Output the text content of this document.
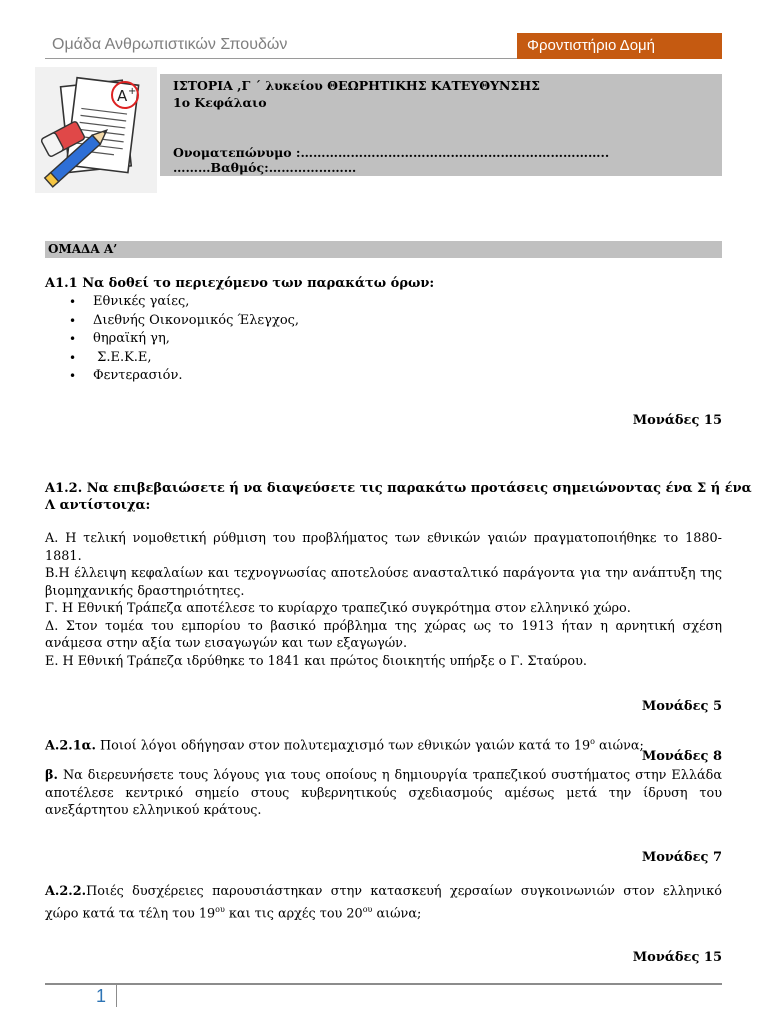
Ομάδα Ανθρωπιστικών Σπουδών	Φροντιστήριο Δομή
A +	ΙΣΤΟΡΙΑ ,Γ ΄ λυκείου ΘΕΩΡΗΤΙΚΗΣ ΚΑΤΕΥΘΥΝΣΗΣ
1ο Κεφάλαιο
Ονοματεπώνυμο :………………………………………………………………..
………Βαθμός:…………………
ΟΜΑΔΑ Α’
Α1.1 Να δοθεί το περιεχόμενο των παρακάτω όρων:
• Εθνικές γαίες,
• Διεθνής Οικονομικός Έλεγχος,
• θηραϊκή γη,
•  Σ.Ε.Κ.Ε,
• Φεντερασιόν.
Μονάδες 15
Α1.2. Να επιβεβαιώσετε ή να διαψεύσετε τις παρακάτω προτάσεις σημειώνοντας ένα Σ ή ένα
Λ αντίστοιχα:

Α. Η τελική νομοθετική ρύθμιση του προβλήματος των εθνικών γαιών πραγματοποιήθηκε το 1880-1881.

Β.Η έλλειψη κεφαλαίων και τεχνογνωσίας αποτελούσε ανασταλτικό παράγοντα για την ανάπτυξη της βιομηχανικής δραστηριότητες.

Γ. Η Εθνική Τράπεζα αποτέλεσε το κυρίαρχο τραπεζικό συγκρότημα στον ελληνικό χώρο.

Δ. Στον τομέα του εμπορίου το βασικό πρόβλημα της χώρας ως το 1913 ήταν η αρνητική σχέση ανάμεσα στην αξία των εισαγωγών και των εξαγωγών.

Ε. Η Εθνική Τράπεζα ιδρύθηκε το 1841 και πρώτος διοικητής υπήρξε ο Γ. Σταύρου.

Μονάδες 5

Α.2.1α. Ποιοί λόγοι οδήγησαν στον πολυτεμαχισμό των εθνικών γαιών κατά το $19^o$ αιώνα;

Μονάδες 8

β. Να διερευνήσετε τους λόγους για τους οποίους η δημιουργία τραπεζικού συστήματος στην Ελλάδα αποτέλεσε κεντρικό σημείο στους κυβερνητικούς σχεδιασμούς αμέσως μετά την ίδρυση του ανεξάρτητου ελληνικού κράτους.

Μονάδες 7

Α.2.2.Ποιές δυσχέρειες παρουσιάστηκαν στην κατασκευή χερσαίων συγκοινωνιών στον ελληνικό χώρο κατά τα τέλη του $19^{o\upsilon}$ και τις αρχές του $20^{o\upsilon}$ αιώνα;

Μονάδες 15
1
